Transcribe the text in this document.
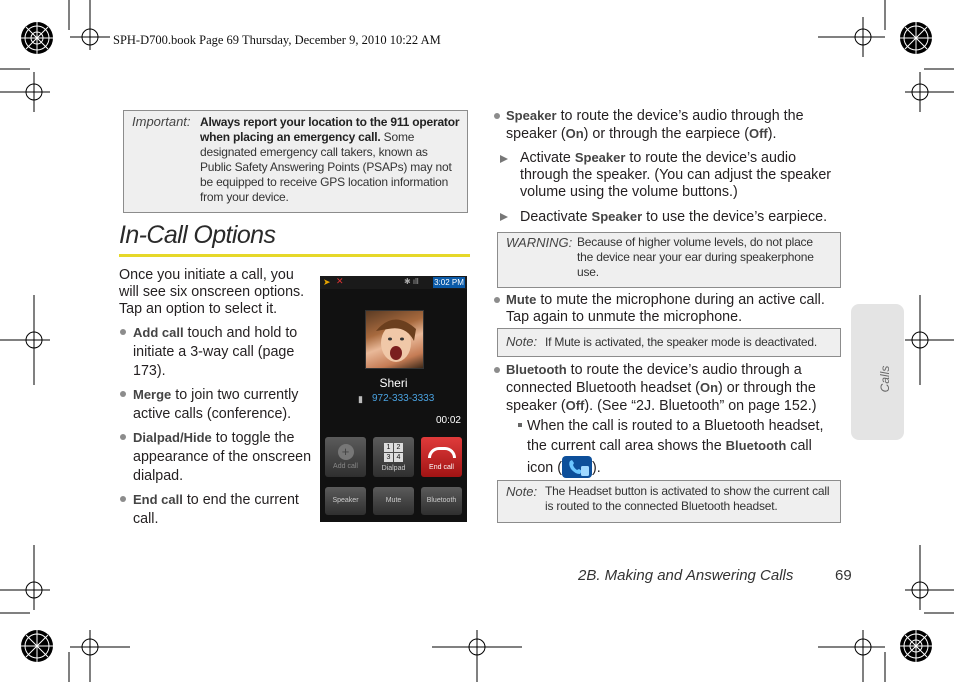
SPH-D700.book Page 69 Thursday, December 9, 2010 10:22 AM
Important: Always report your location to the 911 operator when placing an emergency call. Some designated emergency call takers, known as Public Safety Answering Points (PSAPs) may not be equipped to receive GPS location information from your device.
In-Call Options
Once you initiate a call, you will see six onscreen options. Tap an option to select it.
Add call touch and hold to initiate a 3-way call (page 173).
Merge to join two currently active calls (conference).
Dialpad/Hide to toggle the appearance of the onscreen dialpad.
End call to end the current call.
➤ ✕	✱ ıll 3:02 PM
Sheri
▮ 972-333-3333
00:02
+
Add call
1 2
3 4
Dialpad	End call
Speaker	Mute	Bluetooth
Speaker to route the device’s audio through the speaker (On) or through the earpiece (Off).
Activate Speaker to route the device’s audio through the speaker. (You can adjust the speaker volume using the volume buttons.)
Deactivate Speaker to use the device’s earpiece.
WARNING: Because of higher volume levels, do not place the device near your ear during speakerphone use.
Mute to mute the microphone during an active call. Tap again to unmute the microphone.
Note: If Mute is activated, the speaker mode is deactivated.
Bluetooth to route the device’s audio through a connected Bluetooth headset (On) or through the speaker (Off). (See “2J. Bluetooth” on page 152.)
When the call is routed to a Bluetooth headset, the current call area shows the Bluetooth call icon ( ).
Note: The Headset button is activated to show the current call is routed to the connected Bluetooth headset.
Calls
2B. Making and Answering Calls	69
